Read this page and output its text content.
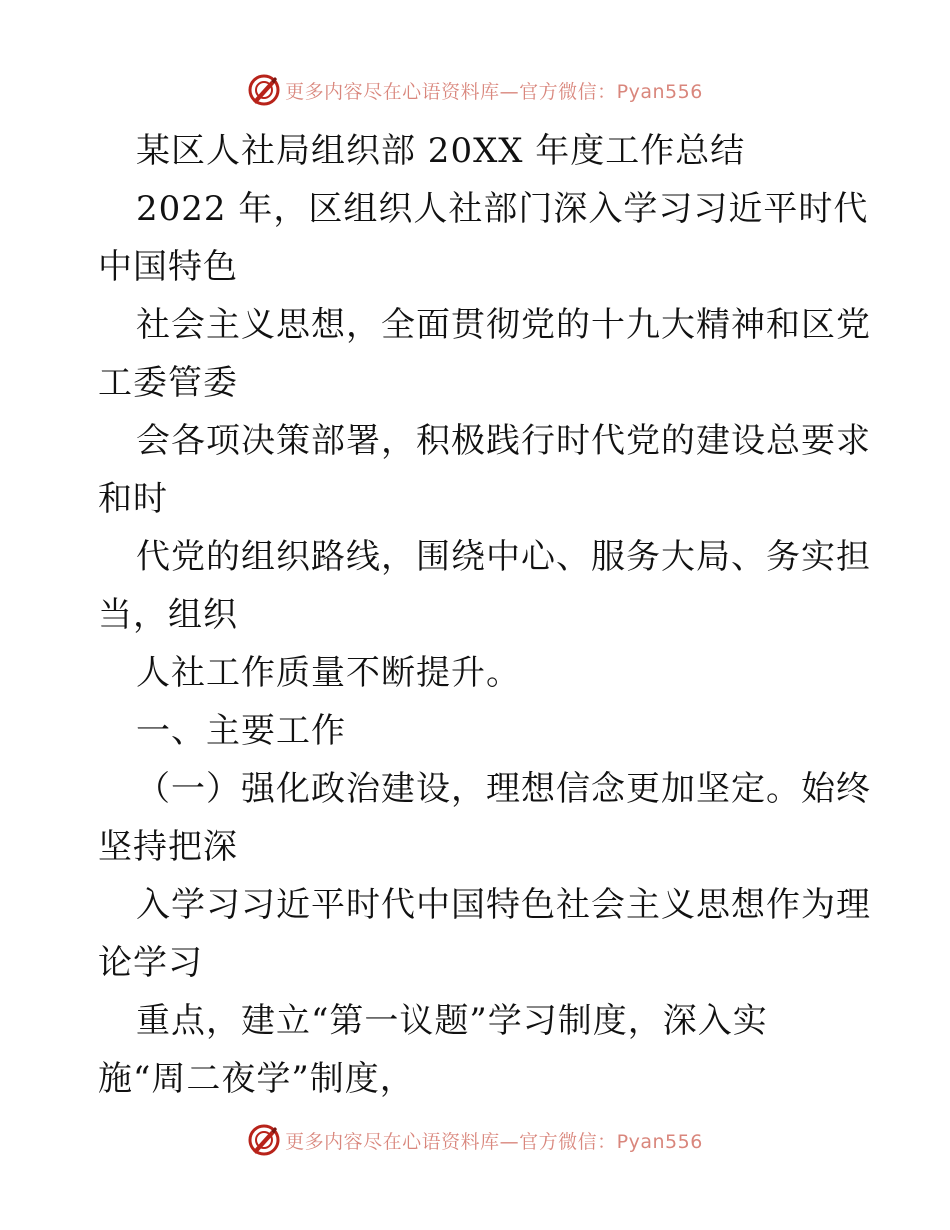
更多内容尽在心语资料库—官方微信：Pyan556
某区人社局组织部 20XX 年度工作总结
2022 年，区组织人社部门深入学习习近平时代
中国特色
社会主义思想，全面贯彻党的十九大精神和区党
工委管委
会各项决策部署，积极践行时代党的建设总要求
和时
代党的组织路线，围绕中心、服务大局、务实担
当，组织
人社工作质量不断提升。
一、主要工作
（一）强化政治建设，理想信念更加坚定。始终
坚持把深
入学习习近平时代中国特色社会主义思想作为理
论学习
重点，建立“第一议题”学习制度，深入实
施“周二夜学”制度，
更多内容尽在心语资料库—官方微信：Pyan556
